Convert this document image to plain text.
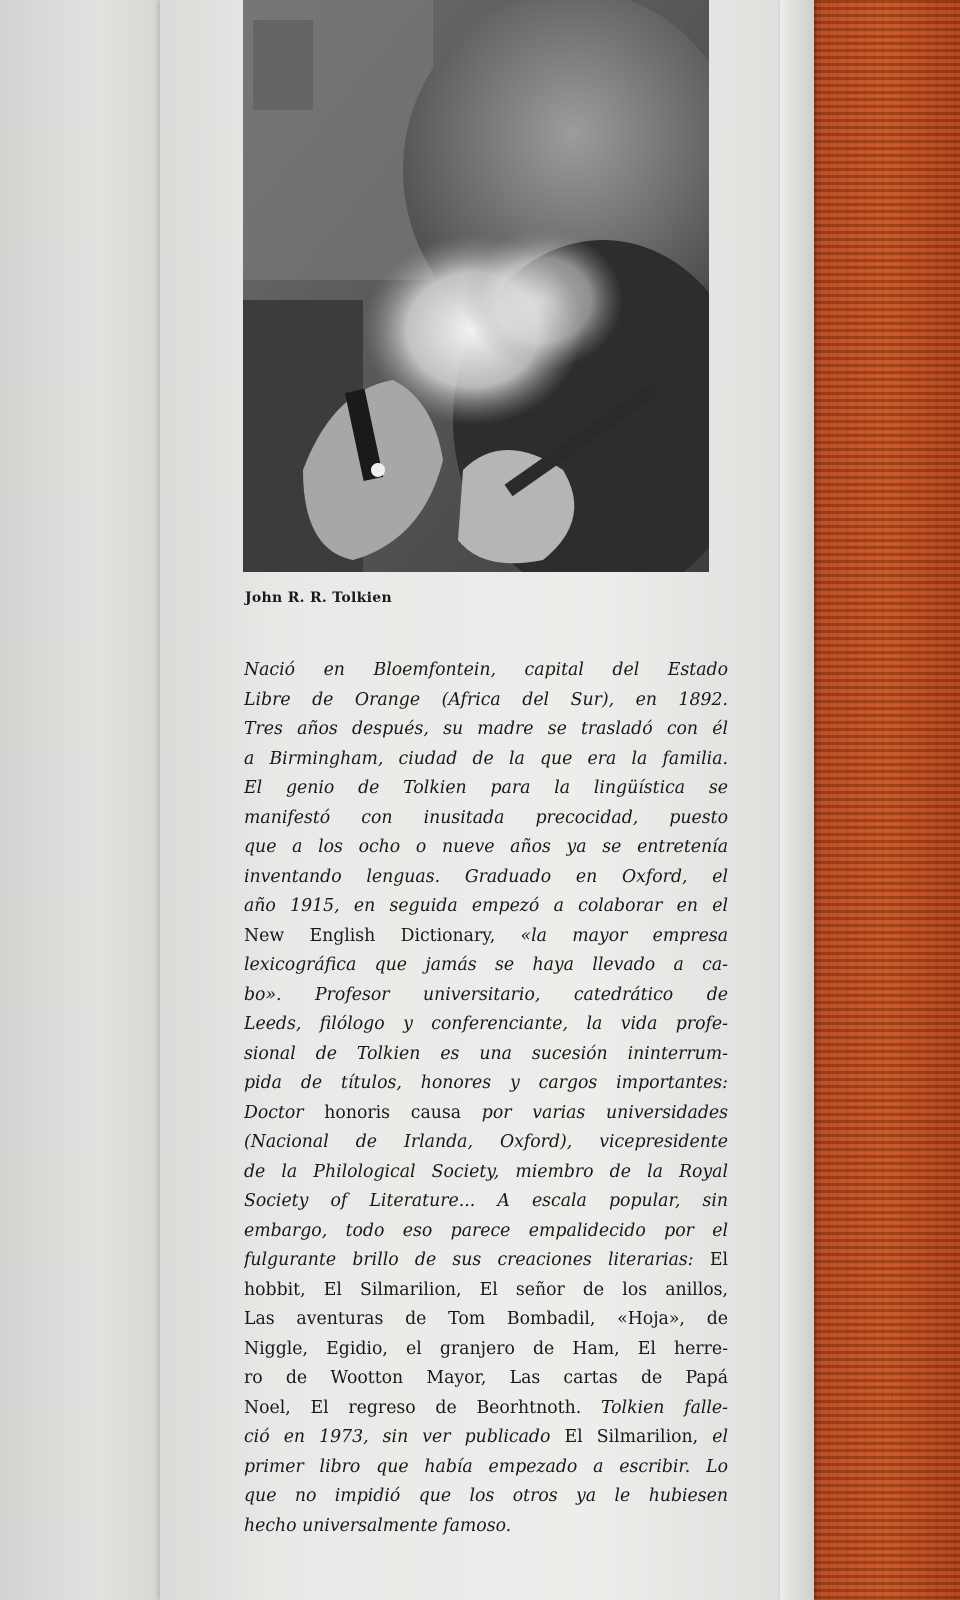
John R. R. Tolkien
Nació en Bloemfontein, capital del Estado
Libre de Orange (Africa del Sur), en 1892.
Tres años después, su madre se trasladó con él
a Birmingham, ciudad de la que era la familia.
El genio de Tolkien para la lingüística se
manifestó con inusitada precocidad, puesto
que a los ocho o nueve años ya se entretenía
inventando lenguas. Graduado en Oxford, el
año 1915, en seguida empezó a colaborar en el
New English Dictionary, «la mayor empresa
lexicográfica que jamás se haya llevado a ca-
bo». Profesor universitario, catedrático de
Leeds, filólogo y conferenciante, la vida profe-
sional de Tolkien es una sucesión ininterrum-
pida de títulos, honores y cargos importantes:
Doctor honoris causa por varias universidades
(Nacional de Irlanda, Oxford), vicepresidente
de la Philological Society, miembro de la Royal
Society of Literature... A escala popular, sin
embargo, todo eso parece empalidecido por el
fulgurante brillo de sus creaciones literarias: El
hobbit, El Silmarilion, El señor de los anillos,
Las aventuras de Tom Bombadil, «Hoja», de
Niggle, Egidio, el granjero de Ham, El herre-
ro de Wootton Mayor, Las cartas de Papá
Noel, El regreso de Beorhtnoth. Tolkien falle-
ció en 1973, sin ver publicado El Silmarilion, el
primer libro que había empezado a escribir. Lo
que no impidió que los otros ya le hubiesen
hecho universalmente famoso.
